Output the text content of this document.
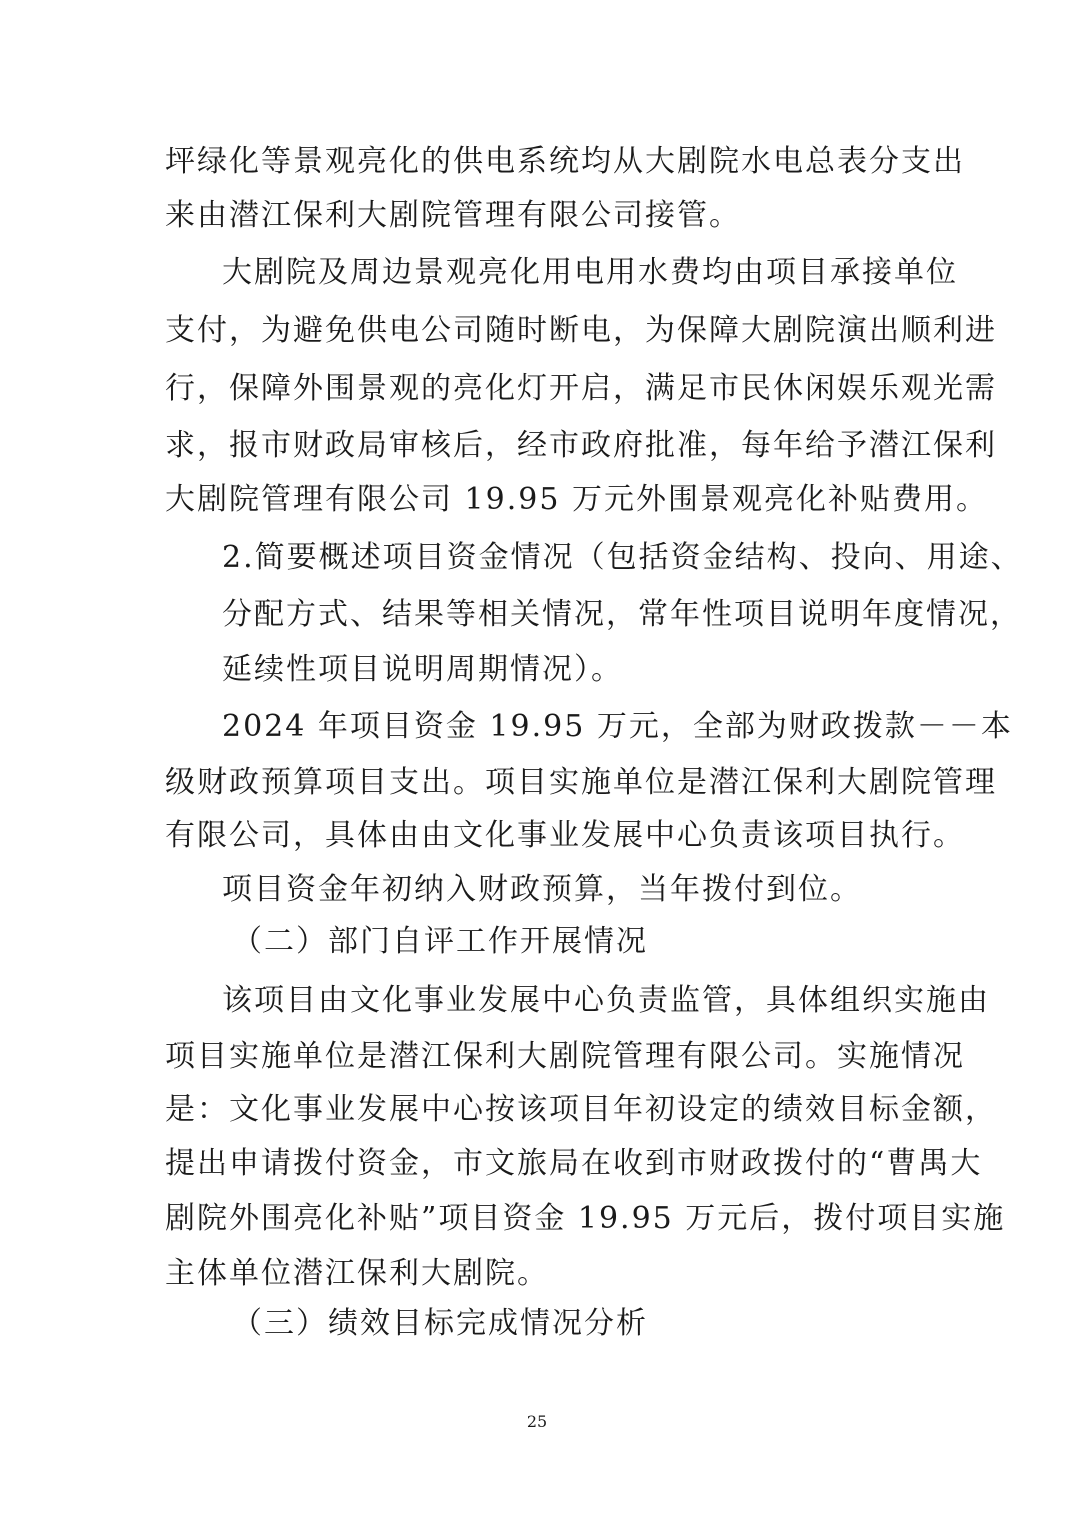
坪绿化等景观亮化的供电系统均从大剧院水电总表分支出
来由潜江保利大剧院管理有限公司接管。
大剧院及周边景观亮化用电用水费均由项目承接单位
支付，为避免供电公司随时断电，为保障大剧院演出顺利进
行，保障外围景观的亮化灯开启，满足市民休闲娱乐观光需
求，报市财政局审核后，经市政府批准，每年给予潜江保利
大剧院管理有限公司 19.95 万元外围景观亮化补贴费用。
2.简要概述项目资金情况（包括资金结构、投向、用途、
分配方式、结果等相关情况，常年性项目说明年度情况，
延续性项目说明周期情况）。
2024 年项目资金 19.95 万元，全部为财政拨款－－本
级财政预算项目支出。项目实施单位是潜江保利大剧院管理
有限公司，具体由由文化事业发展中心负责该项目执行。
项目资金年初纳入财政预算，当年拨付到位。
（二）部门自评工作开展情况
该项目由文化事业发展中心负责监管，具体组织实施由
项目实施单位是潜江保利大剧院管理有限公司。实施情况
是：文化事业发展中心按该项目年初设定的绩效目标金额，
提出申请拨付资金，市文旅局在收到市财政拨付的“曹禺大
剧院外围亮化补贴”项目资金 19.95 万元后，拨付项目实施
主体单位潜江保利大剧院。
（三）绩效目标完成情况分析
25
